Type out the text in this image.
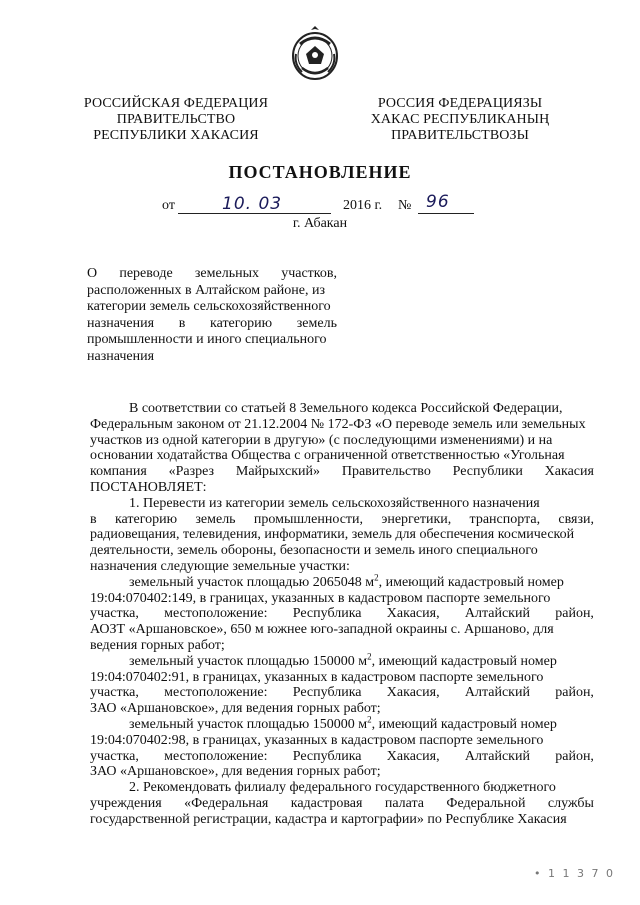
РОССИЙСКАЯ ФЕДЕРАЦИЯ
ПРАВИТЕЛЬСТВО
РЕСПУБЛИКИ ХАКАСИЯ
РОССИЯ ФЕДЕРАЦИЯЗЫ
ХАКАС РЕСПУБЛИКАНЫҢ
ПРАВИТЕЛЬСТВОЗЫ
ПОСТАНОВЛЕНИЕ
от	10. 03	2016 г. № 96
г. Абакан
О переводе земельных участков,
расположенных в Алтайском районе, из
категории земель сельскохозяйственного
назначения в категорию земель
промышленности и иного специального
назначения
В соответствии со статьей 8 Земельного кодекса Российской Федерации,
Федеральным законом от 21.12.2004 № 172-ФЗ «О переводе земель или земельных
участков из одной категории в другую» (с последующими изменениями) и на
основании ходатайства Общества с ограниченной ответственностью «Угольная
компания «Разрез Майрыхский» Правительство Республики Хакасия
ПОСТАНОВЛЯЕТ:
1. Перевести из категории земель сельскохозяйственного назначения
в категорию земель промышленности, энергетики, транспорта, связи,
радиовещания, телевидения, информатики, земель для обеспечения космической
деятельности, земель обороны, безопасности и земель иного специального
назначения следующие земельные участки:
земельный участок площадью 2065048 $м^2$, имеющий кадастровый номер
19:04:070402:149, в границах, указанных в кадастровом паспорте земельного
участка, местоположение: Республика Хакасия, Алтайский район,
АОЗТ «Аршановское», 650 м южнее юго-западной окраины с. Аршаново, для
ведения горных работ;
земельный участок площадью 150000 $м^2$, имеющий кадастровый номер
19:04:070402:91, в границах, указанных в кадастровом паспорте земельного
участка, местоположение: Республика Хакасия, Алтайский район,
ЗАО «Аршановское», для ведения горных работ;
земельный участок площадью 150000 $м^2$, имеющий кадастровый номер
19:04:070402:98, в границах, указанных в кадастровом паспорте земельного
участка, местоположение: Республика Хакасия, Алтайский район,
ЗАО «Аршановское», для ведения горных работ;
2. Рекомендовать филиалу федерального государственного бюджетного
учреждения «Федеральная кадастровая палата Федеральной службы
государственной регистрации, кадастра и картографии» по Республике Хакасия
• 1 1 3 7 0
